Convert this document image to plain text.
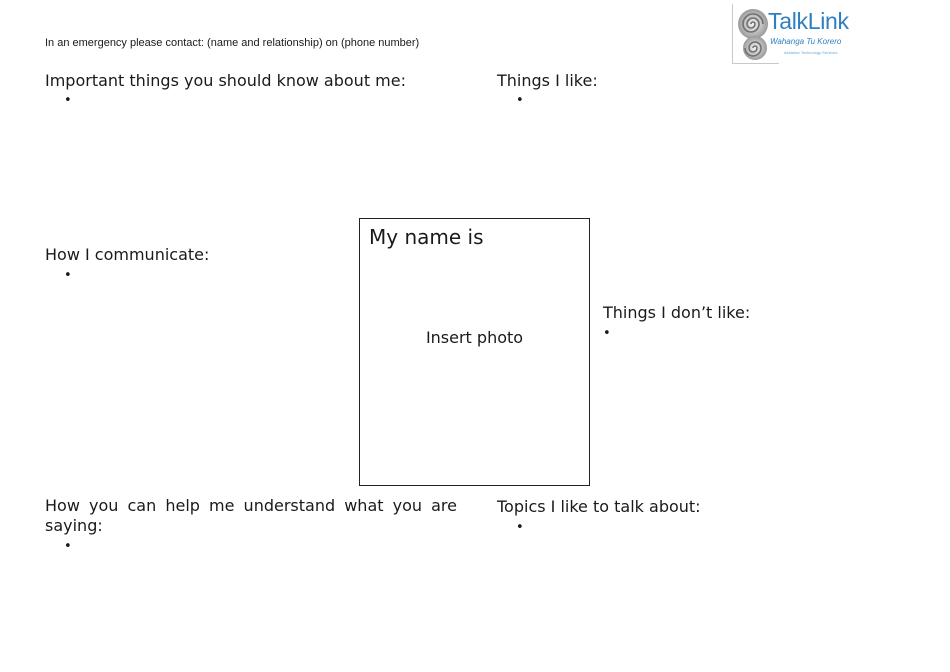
In an emergency please contact: (name and relationship) on (phone number)
TalkLink
Wahanga Tu Korero
Assistive Technology Services
Important things you should know about me:
•
Things I like:
•
How I communicate:
•
My name is
Insert photo
Things I don’t like:
•
How you can help me understand what you are saying:
•
Topics I like to talk about:
•
